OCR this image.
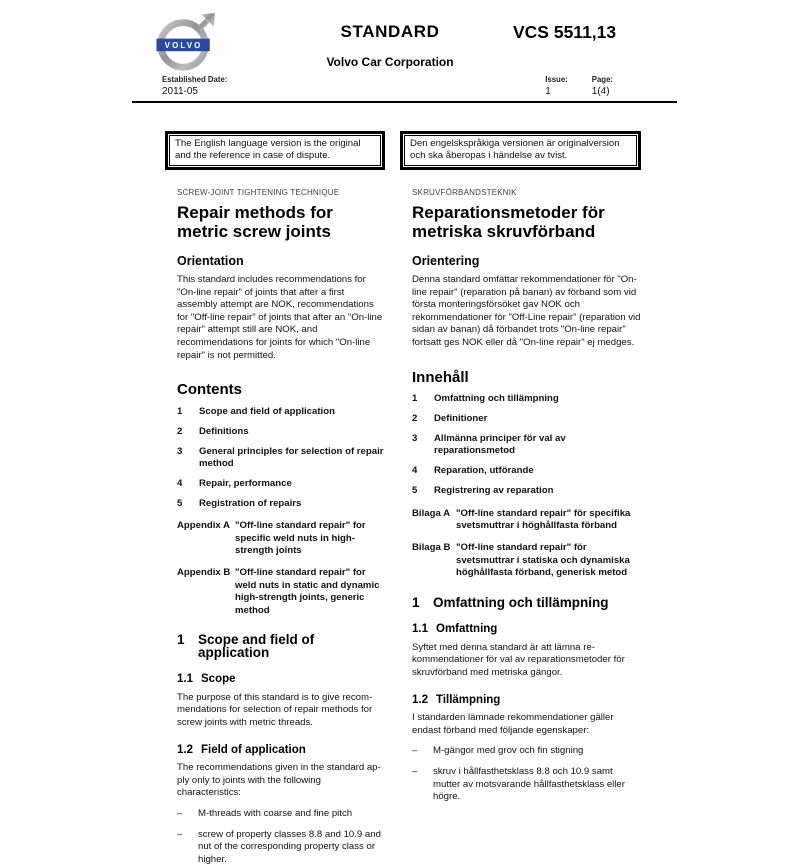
VOLVO
STANDARD
Volvo Car Corporation
VCS 5511,13
Established Date:
2011-05
Issue:
1
Page:
1(4)
The English language version is the original and the reference in case of dispute.
Den engelskspråkiga versionen är originalversion och ska åberopas i händelse av tvist.
SCREW-JOINT TIGHTENING TECHNIQUE
Repair methods for
metric screw joints
Orientation

This standard includes recommendations for "On-line repair" of joints that after a first assembly attempt are NOK, recommendations for "Off-line repair" of joints that after an "On-line repair" attempt still are NOK, and recommendations for joints for which "On-line repair" is not permitted.

Contents
1	Scope and field of application
2	Definitions
3	General principles for selection of repair method
4	Repair, performance
5	Registration of repairs
Appendix A "Off-line standard repair" for specific weld nuts in high-strength joints
Appendix B "Off-line standard repair" for weld nuts in static and dynamic high-strength joints, generic method
1 Scope and field of application
1.1 Scope

The purpose of this standard is to give recommendations for selection of repair methods for screw joints with metric threads.

1.2 Field of application

The recommendations given in the standard apply only to joints with the following characteristics:

–	M-threads with coarse and fine pitch
–	screw of property classes 8.8 and 10.9 and nut of the corresponding property class or higher.
SKRUVFÖRBANDSTEKNIK
Reparationsmetoder för
metriska skruvförband
Orientering

Denna standard omfattar rekommendationer för "On-line repair" (reparation på banan) av förband som vid första monteringsförsöket gav NOK och rekommendationer för "Off-Line repair" (reparation vid sidan av banan) då förbandet trots "On-line repair" fortsatt ges NOK eller då "On-line repair" ej medges.

Innehåll
1	Omfattning och tillämpning
2	Definitioner
3	Allmänna principer för val av reparationsmetod
4	Reparation, utförande
5	Registrering av reparation
Bilaga A "Off-line standard repair" för specifika svetsmuttrar i höghållfasta förband
Bilaga B "Off-line standard repair" för svetsmuttrar i statiska och dynamiska höghållfasta förband, generisk metod
1 Omfattning och tillämpning
1.1 Omfattning

Syftet med denna standard är att lämna rekommendationer för val av reparationsmetoder för skruvförband med metriska gängor.

1.2 Tillämpning

I standarden lämnade rekommendationer gäller endast förband med följande egenskaper:

–	M-gängor med grov och fin stigning
–	skruv i hållfasthetsklass 8.8 och 10.9 samt mutter av motsvarande hållfasthetsklass eller högre.
